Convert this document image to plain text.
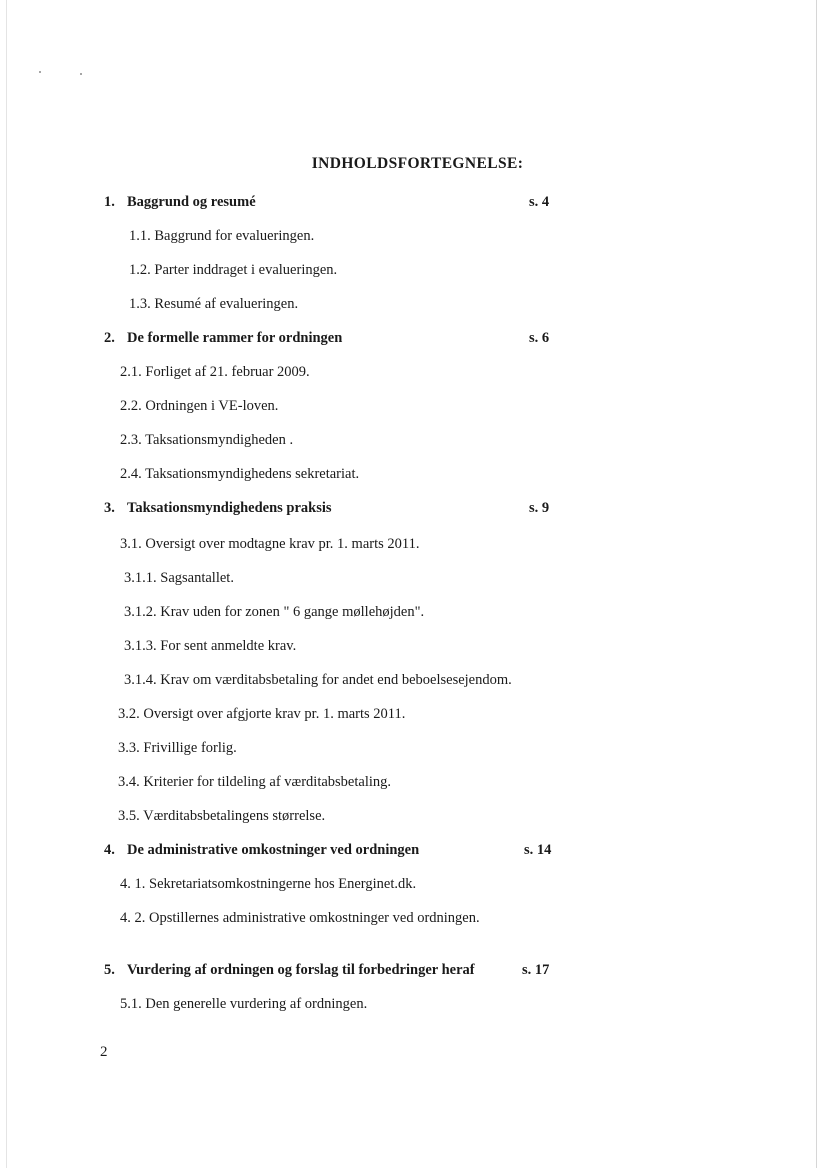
INDHOLDSFORTEGNELSE:
1. Baggrund og resumé	s. 4
1.1. Baggrund for evalueringen.
1.2. Parter inddraget i evalueringen.
1.3. Resumé af evalueringen.
2. De formelle rammer for ordningen	s. 6
2.1. Forliget af 21. februar 2009.
2.2. Ordningen i VE-loven.
2.3. Taksationsmyndigheden .
2.4. Taksationsmyndighedens sekretariat.
3. Taksationsmyndighedens praksis	s. 9
3.1. Oversigt over modtagne krav pr. 1. marts 2011.
3.1.1. Sagsantallet.
3.1.2. Krav uden for zonen " 6 gange møllehøjden".
3.1.3. For sent anmeldte krav.
3.1.4. Krav om værditabsbetaling for andet end beboelsesejendom.
3.2. Oversigt over afgjorte krav pr. 1. marts 2011.
3.3. Frivillige forlig.
3.4. Kriterier for tildeling af værditabsbetaling.
3.5. Værditabsbetalingens størrelse.
4. De administrative omkostninger ved ordningen	s. 14
4. 1. Sekretariatsomkostningerne hos Energinet.dk.
4. 2. Opstillernes administrative omkostninger ved ordningen.
5. Vurdering af ordningen og forslag til forbedringer heraf	s. 17
5.1. Den generelle vurdering af ordningen.
2
